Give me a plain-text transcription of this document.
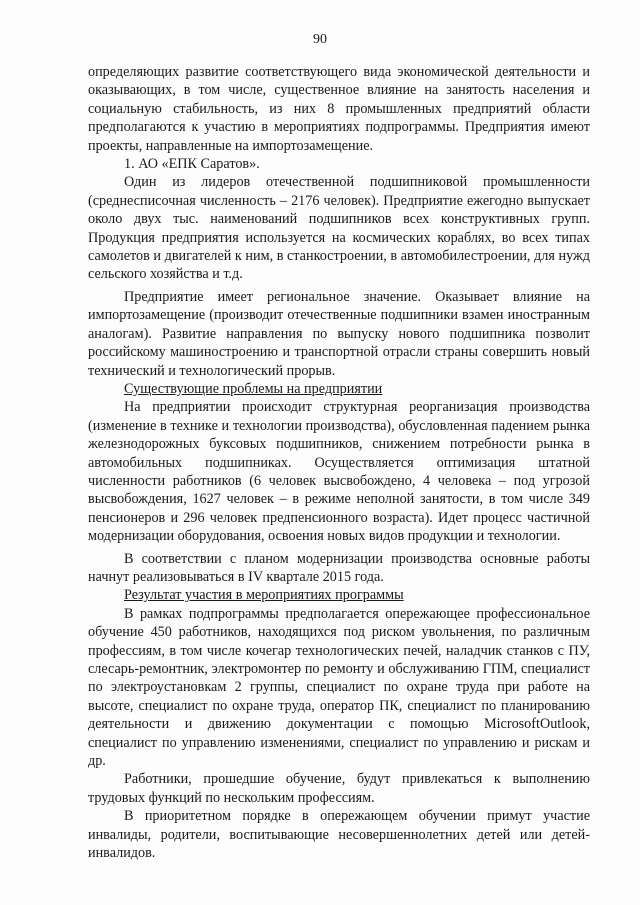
90

определяющих развитие соответствующего вида экономической деятельности и оказывающих, в том числе, существенное влияние на занятость населения и социальную стабильность, из них 8 промышленных предприятий области предполагаются к участию в мероприятиях подпрограммы. Предприятия имеют проекты, направленные на импортозамещение.

1. АО «ЕПК Саратов».

Один из лидеров отечественной подшипниковой промышленности (среднесписочная численность – 2176 человек). Предприятие ежегодно выпускает около двух тыс. наименований подшипников всех конструктивных групп. Продукция предприятия используется на космических кораблях, во всех типах самолетов и двигателей к ним, в станкостроении, в автомобилестроении, для нужд сельского хозяйства и т.д.

Предприятие имеет региональное значение. Оказывает влияние на импортозамещение (производит отечественные подшипники взамен иностранным аналогам). Развитие направления по выпуску нового подшипника позволит российскому машиностроению и транспортной отрасли страны совершить новый технический и технологический прорыв.

Существующие проблемы на предприятии

На предприятии происходит структурная реорганизация производства (изменение в технике и технологии производства), обусловленная падением рынка железнодорожных буксовых подшипников, снижением потребности рынка в автомобильных подшипниках. Осуществляется оптимизация штатной численности работников (6 человек высвобождено, 4 человека – под угрозой высвобождения, 1627 человек – в режиме неполной занятости, в том числе 349 пенсионеров и 296 человек предпенсионного возраста). Идет процесс частичной модернизации оборудования, освоения новых видов продукции и технологии.

В соответствии с планом модернизации производства основные работы начнут реализовываться в IV квартале 2015 года.

Результат участия в мероприятиях программы

В рамках подпрограммы предполагается опережающее профессиональное обучение 450 работников, находящихся под риском увольнения, по различным профессиям, в том числе кочегар технологических печей, наладчик станков с ПУ, слесарь-ремонтник, электромонтер по ремонту и обслуживанию ГПМ, специалист по электроустановкам 2 группы, специалист по охране труда при работе на высоте, специалист по охране труда, оператор ПК, специалист по планированию деятельности и движению документации с помощью MicrosoftOutlook, специалист по управлению изменениями, специалист по управлению и рискам и др.

Работники, прошедшие обучение, будут привлекаться к выполнению трудовых функций по нескольким профессиям.

В приоритетном порядке в опережающем обучении примут участие инвалиды, родители, воспитывающие несовершеннолетних детей или детей-инвалидов.
